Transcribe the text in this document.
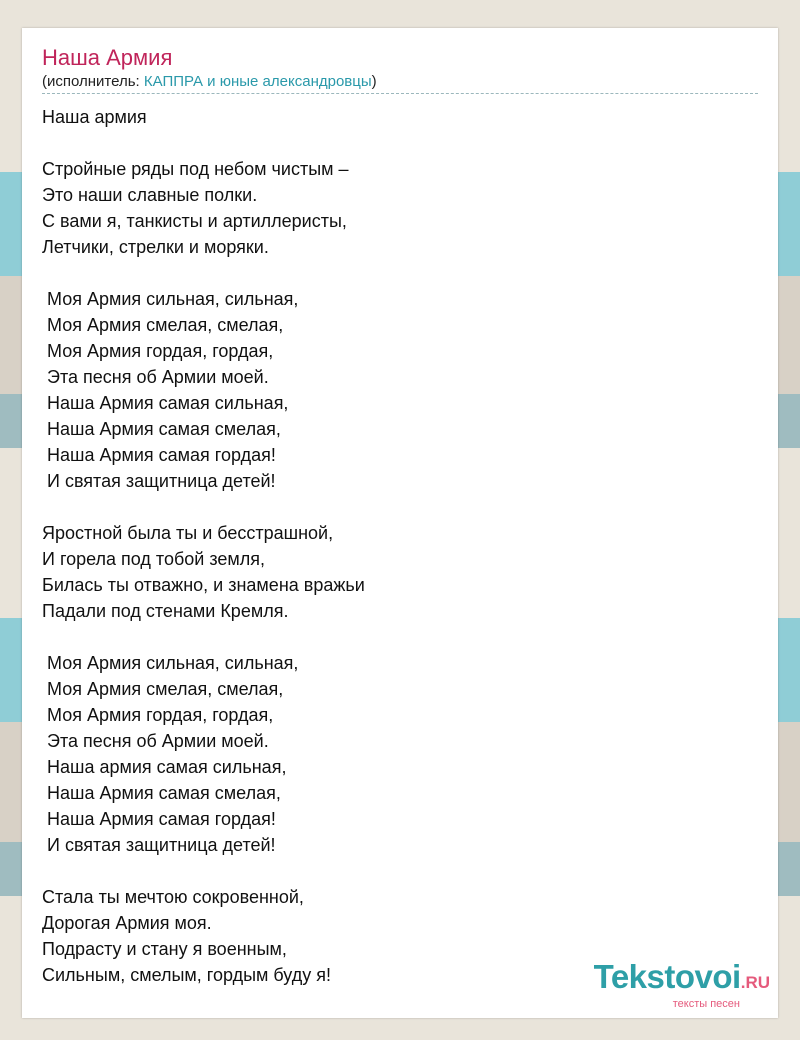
Наша Армия
(исполнитель: КАППРА и юные александровцы)
Наша армия
Стройные ряды под небом чистым –
Это наши славные полки.
С вами я, танкисты и артиллеристы,
Летчики, стрелки и моряки.
Моя Армия сильная, сильная,
Моя Армия смелая, смелая,
Моя Армия гордая, гордая,
Эта песня об Армии моей.
Наша Армия самая сильная,
Наша Армия самая смелая,
Наша Армия самая гордая!
И святая защитница детей!
Яростной была ты и бесстрашной,
И горела под тобой земля,
Билась ты отважно, и знамена вражьи
Падали под стенами Кремля.
Моя Армия сильная, сильная,
Моя Армия смелая, смелая,
Моя Армия гордая, гордая,
Эта песня об Армии моей.
Наша армия самая сильная,
Наша Армия самая смелая,
Наша Армия самая гордая!
И святая защитница детей!
Стала ты мечтою сокровенной,
Дорогая Армия моя.
Подрасту и стану я военным,
Сильным, смелым, гордым буду я!	Tekstovoi.RU
тексты песен
